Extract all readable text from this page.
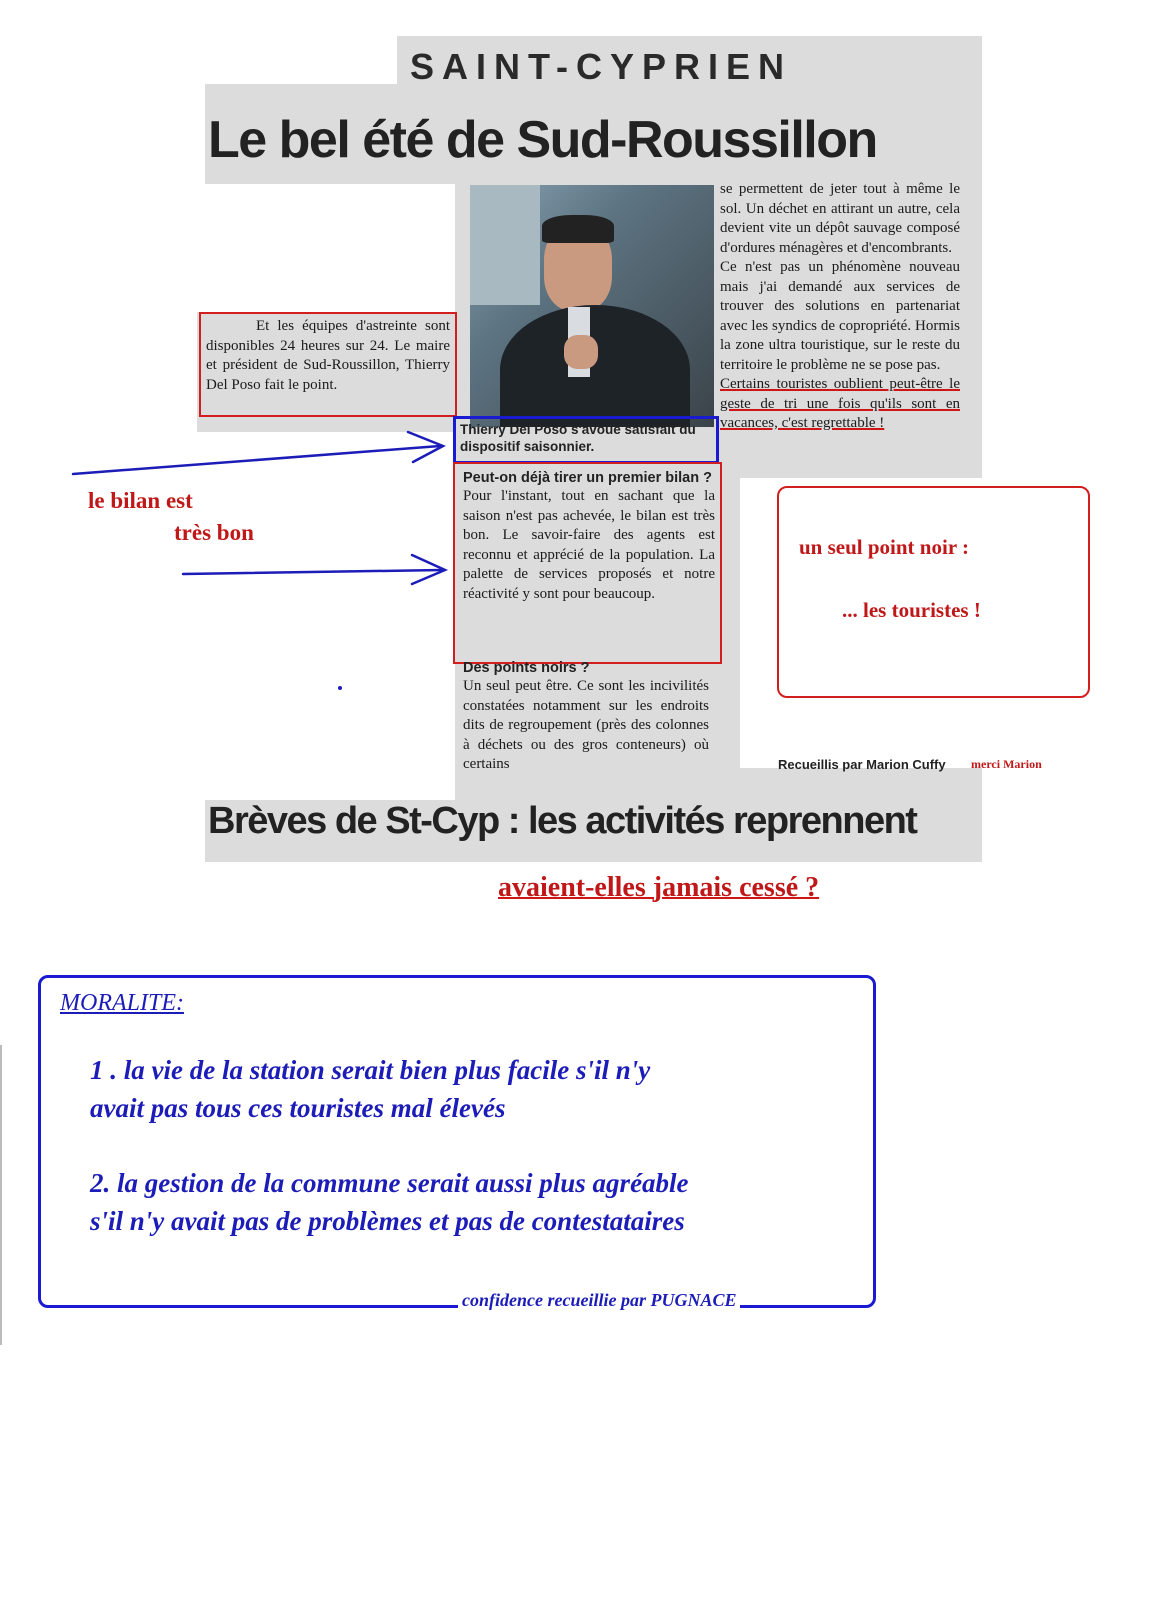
SAINT-CYPRIEN
Le bel été de Sud-Roussillon

Et les équipes d'astreinte sont disponibles 24 heures sur 24. Le maire et président de Sud-Roussillon, Thierry Del Poso fait le point.

Thierry Del Poso s'avoue satisfait du dispositif saisonnier.
Peut-on déjà tirer un premier bilan ?
Pour l'instant, tout en sachant que la saison n'est pas achevée, le bilan est très bon. Le savoir-faire des agents est reconnu et apprécié de la population. La palette de services proposés et notre réactivité y sont pour beaucoup.
Des points noirs ?
Un seul peut être. Ce sont les incivilités constatées notamment sur les endroits dits de regroupement (près des colonnes à déchets ou des gros conteneurs) où certains

se permettent de jeter tout à même le sol. Un déchet en attirant un autre, cela devient vite un dépôt sauvage composé d'ordures ménagères et d'encombrants.

Ce n'est pas un phénomène nouveau mais j'ai demandé aux services de trouver des solutions en partenariat avec les syndics de copropriété. Hormis la zone ultra touristique, sur le reste du territoire le problème ne se pose pas.

Certains touristes oublient peut-être le geste de tri une fois qu'ils sont en vacances, c'est regrettable !

Recueillis par Marion Cuffy merci Marion
Brèves de St-Cyp : les activités reprennent
le bilan est
très bon
un seul point noir :
... les touristes !
avaient-elles jamais cessé ?
MORALITE:
1 . la vie de la station serait bien plus facile s'il n'y
avait pas tous ces touristes mal élevés
2. la gestion de la commune serait aussi plus agréable
s'il n'y avait pas de problèmes et pas de contestataires
confidence recueillie par PUGNACE
